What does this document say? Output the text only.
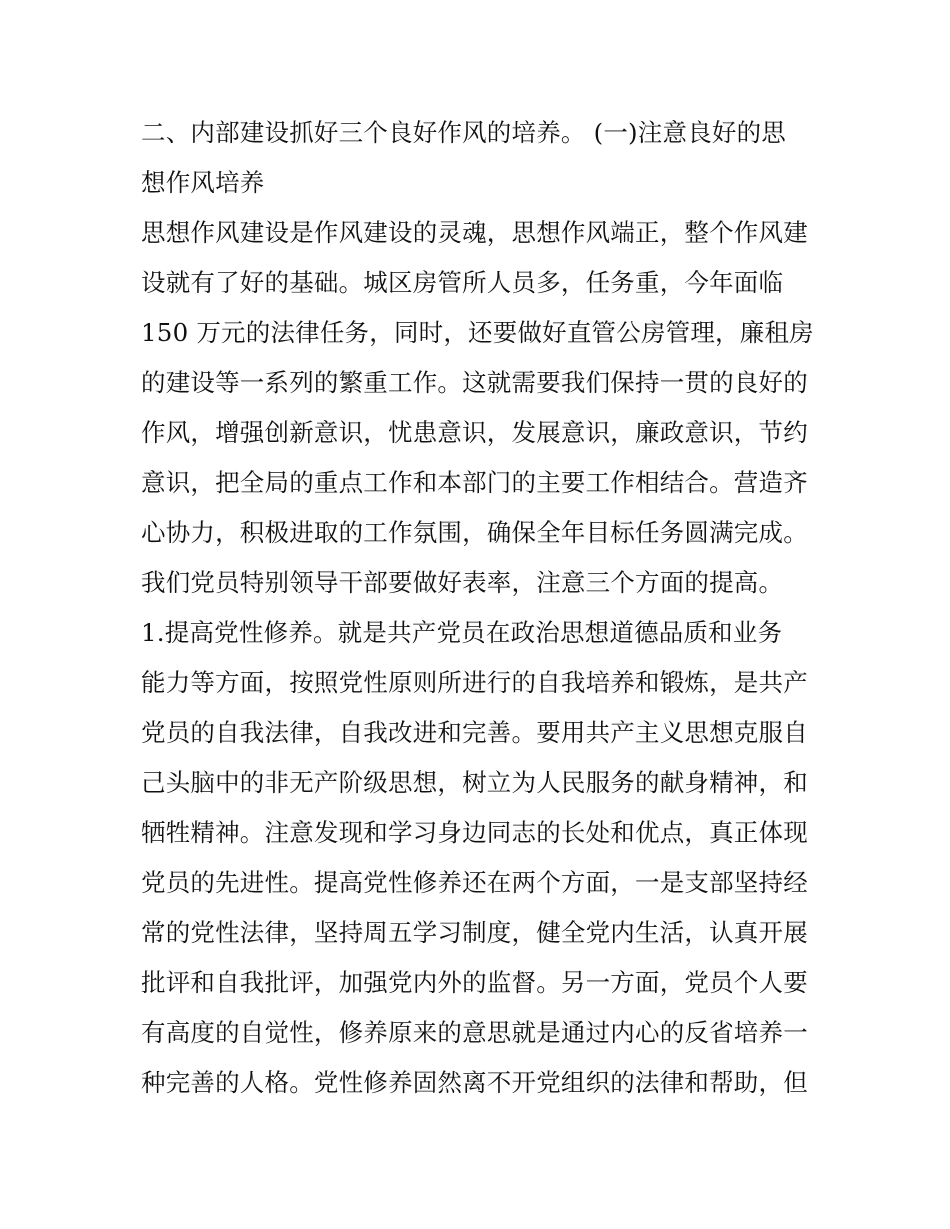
二、内部建设抓好三个良好作风的培养。 (一)注意良好的思
想作风培养
思想作风建设是作风建设的灵魂，思想作风端正，整个作风建
设就有了好的基础。城区房管所人员多，任务重，今年面临
150 万元的法律任务，同时，还要做好直管公房管理，廉租房
的建设等一系列的繁重工作。这就需要我们保持一贯的良好的
作风，增强创新意识，忧患意识，发展意识，廉政意识，节约
意识，把全局的重点工作和本部门的主要工作相结合。营造齐
心协力，积极进取的工作氛围，确保全年目标任务圆满完成。
我们党员特别领导干部要做好表率，注意三个方面的提高。
1.提高党性修养。就是共产党员在政治思想道德品质和业务
能力等方面，按照党性原则所进行的自我培养和锻炼，是共产
党员的自我法律，自我改进和完善。要用共产主义思想克服自
己头脑中的非无产阶级思想，树立为人民服务的献身精神，和
牺牲精神。注意发现和学习身边同志的长处和优点，真正体现
党员的先进性。提高党性修养还在两个方面，一是支部坚持经
常的党性法律，坚持周五学习制度，健全党内生活，认真开展
批评和自我批评，加强党内外的监督。另一方面，党员个人要
有高度的自觉性，修养原来的意思就是通过内心的反省培养一
种完善的人格。党性修养固然离不开党组织的法律和帮助，但
